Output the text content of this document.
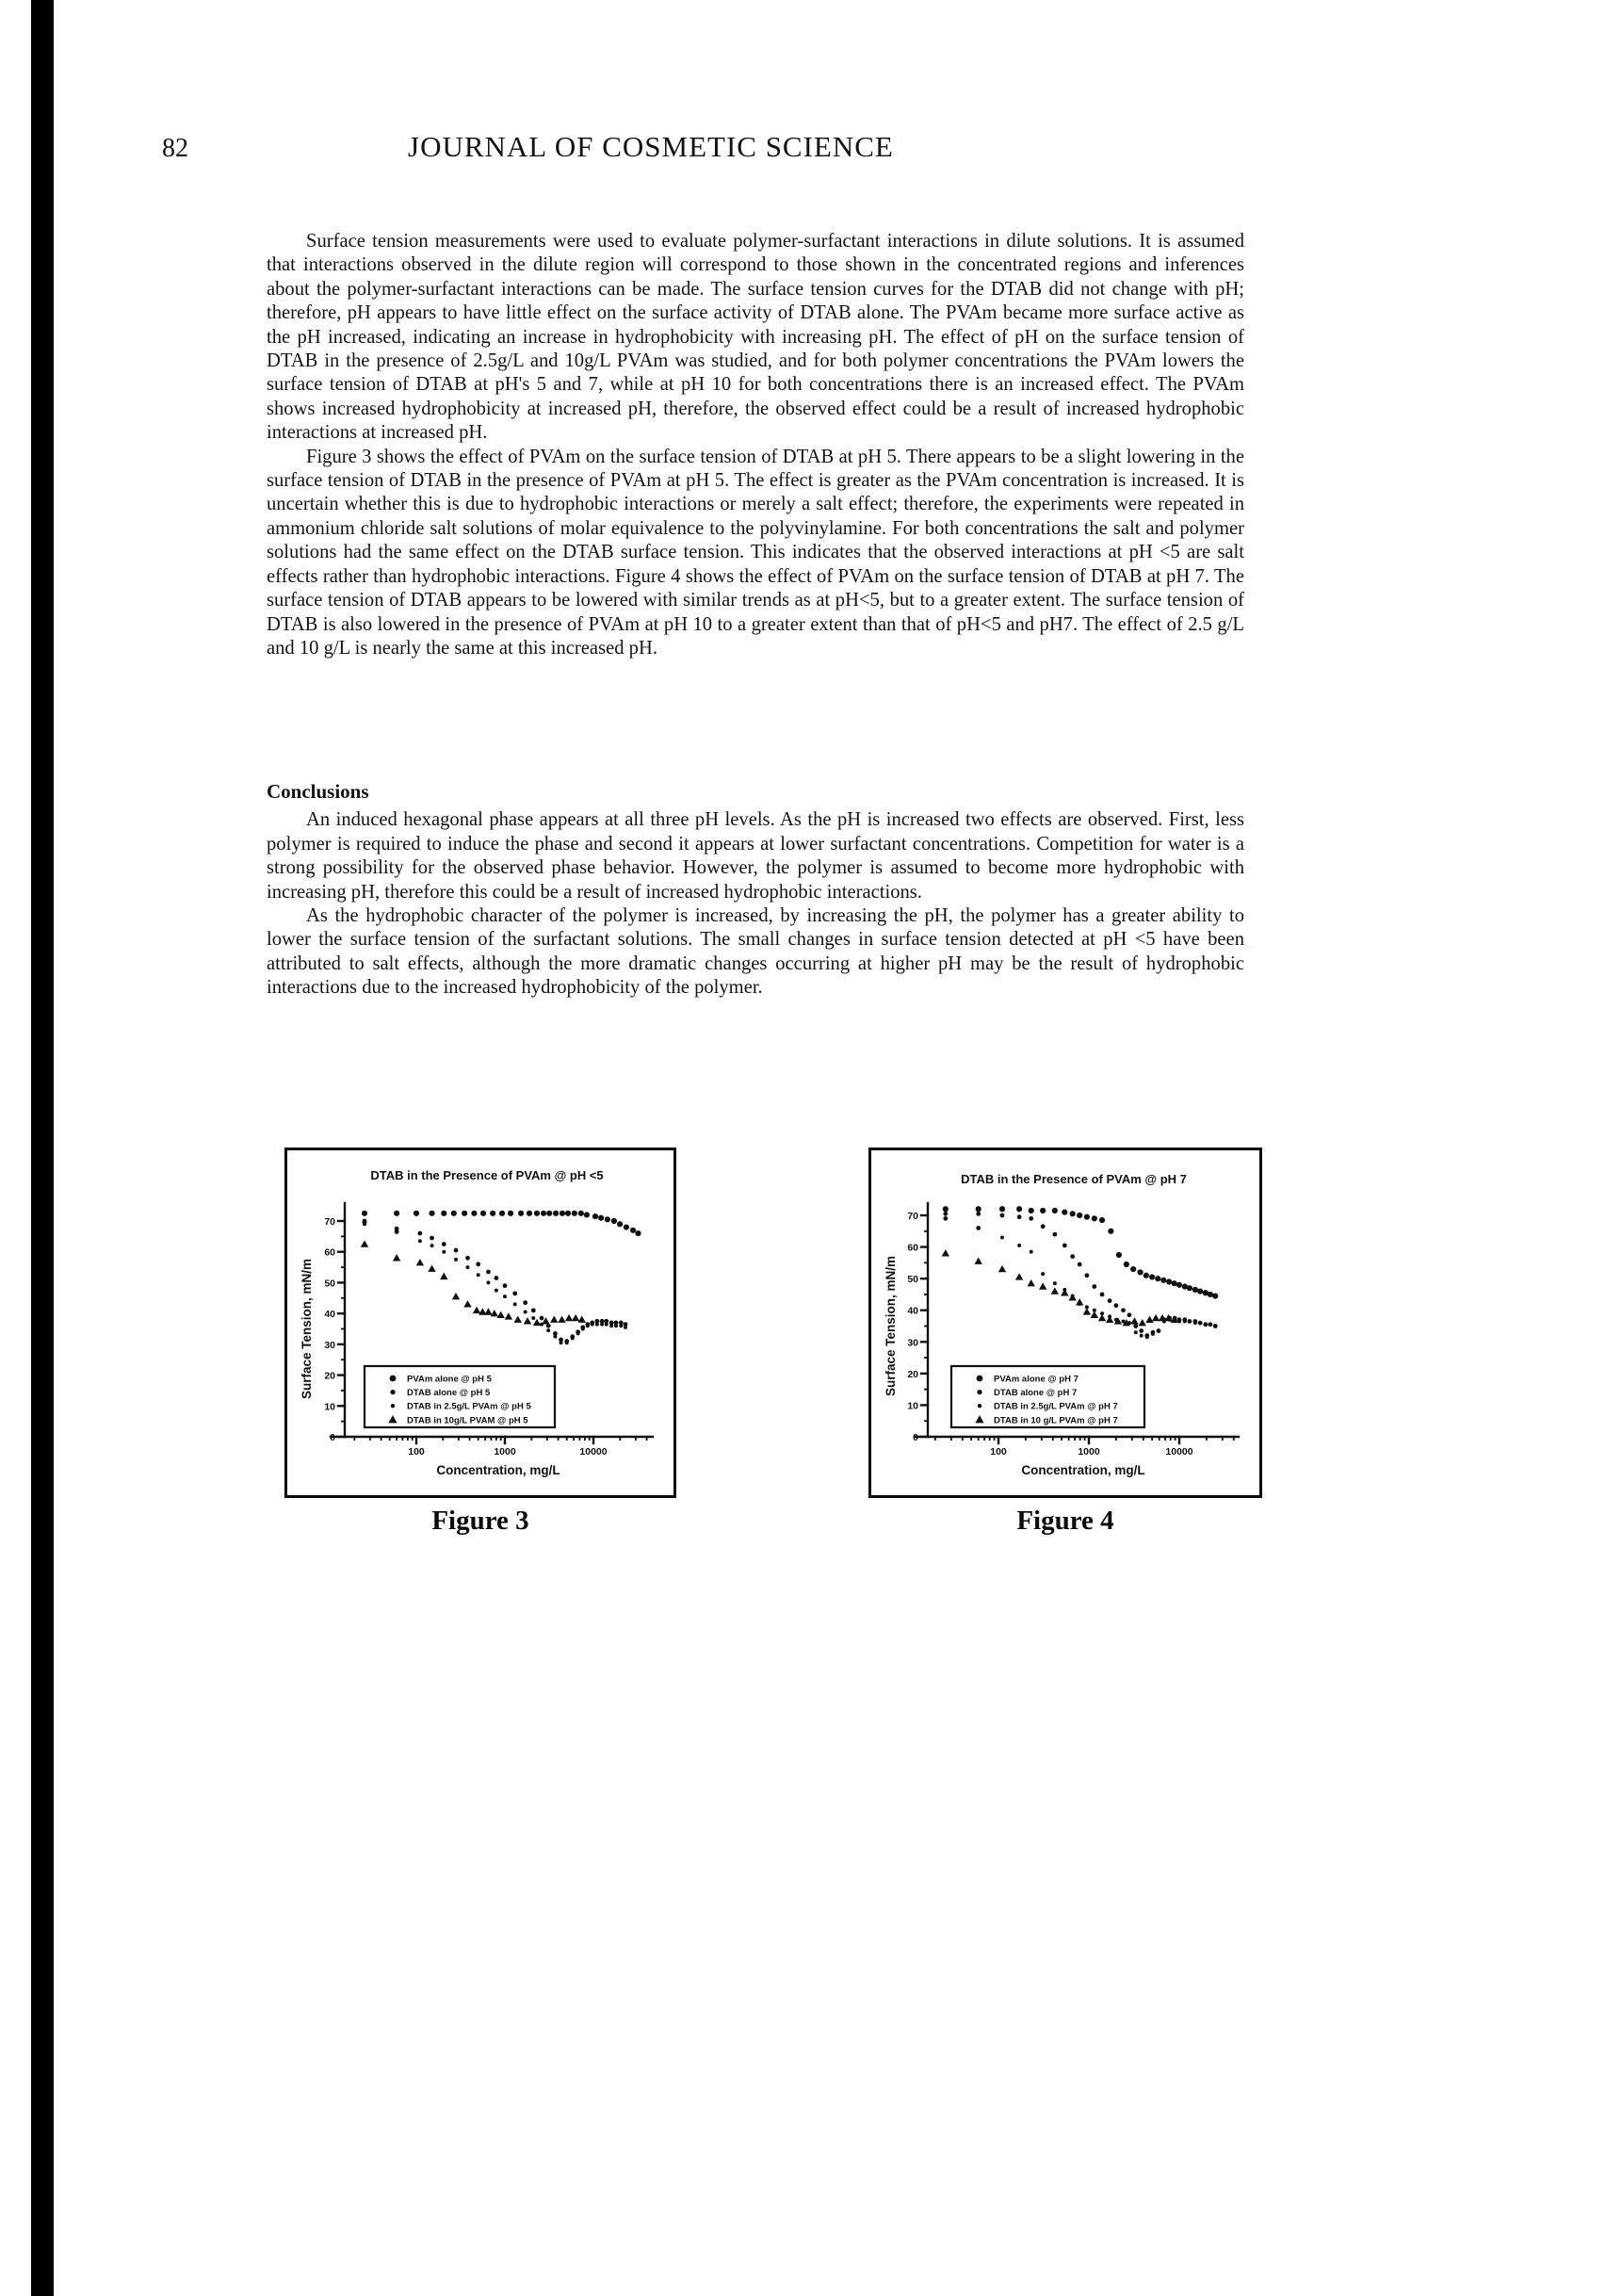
82	JOURNAL OF COSMETIC SCIENCE

Surface tension measurements were used to evaluate polymer-surfactant interactions in dilute solutions. It is assumed that interactions observed in the dilute region will correspond to those shown in the concentrated regions and inferences about the polymer-surfactant interactions can be made. The surface tension curves for the DTAB did not change with pH; therefore, pH appears to have little effect on the surface activity of DTAB alone. The PVAm became more surface active as the pH increased, indicating an increase in hydrophobicity with increasing pH. The effect of pH on the surface tension of DTAB in the presence of 2.5g/L and 10g/L PVAm was studied, and for both polymer concentrations the PVAm lowers the surface tension of DTAB at pH's 5 and 7, while at pH 10 for both concentrations there is an increased effect. The PVAm shows increased hydrophobicity at increased pH, therefore, the observed effect could be a result of increased hydrophobic interactions at increased pH.

Figure 3 shows the effect of PVAm on the surface tension of DTAB at pH 5. There appears to be a slight lowering in the surface tension of DTAB in the presence of PVAm at pH 5. The effect is greater as the PVAm concentration is increased. It is uncertain whether this is due to hydrophobic interactions or merely a salt effect; therefore, the experiments were repeated in ammonium chloride salt solutions of molar equivalence to the polyvinylamine. For both concentrations the salt and polymer solutions had the same effect on the DTAB surface tension. This indicates that the observed interactions at pH <5 are salt effects rather than hydrophobic interactions. Figure 4 shows the effect of PVAm on the surface tension of DTAB at pH 7. The surface tension of DTAB appears to be lowered with similar trends as at pH<5, but to a greater extent. The surface tension of DTAB is also lowered in the presence of PVAm at pH 10 to a greater extent than that of pH<5 and pH7. The effect of 2.5 g/L and 10 g/L is nearly the same at this increased pH.

Conclusions

An induced hexagonal phase appears at all three pH levels. As the pH is increased two effects are observed. First, less polymer is required to induce the phase and second it appears at lower surfactant concentrations. Competition for water is a strong possibility for the observed phase behavior. However, the polymer is assumed to become more hydrophobic with increasing pH, therefore this could be a result of increased hydrophobic interactions.

As the hydrophobic character of the polymer is increased, by increasing the pH, the polymer has a greater ability to lower the surface tension of the surfactant solutions. The small changes in surface tension detected at pH <5 have been attributed to salt effects, although the more dramatic changes occurring at higher pH may be the result of hydrophobic interactions due to the increased hydrophobicity of the polymer.

DTAB in the Presence of PVAm @ pH <5
0
10
20
30
40
50
60
70
100	1000	10000
Concentration, mg/L
Surface Tension, mN/m	PVAm alone @ pH 5
DTAB alone @ pH 5
DTAB in 2.5g/L PVAm @ pH 5
DTAB in 10g/L PVAM @ pH 5
Figure 3
DTAB in the Presence of PVAm @ pH 7
0
10
20
30
40
50
60
70
100	1000	10000
Concentration, mg/L
Surface Tension, mN/m	PVAm alone @ pH 7
DTAB alone @ pH 7
DTAB in 2.5g/L PVAm @ pH 7
DTAB in 10 g/L PVAm @ pH 7
Figure 4
